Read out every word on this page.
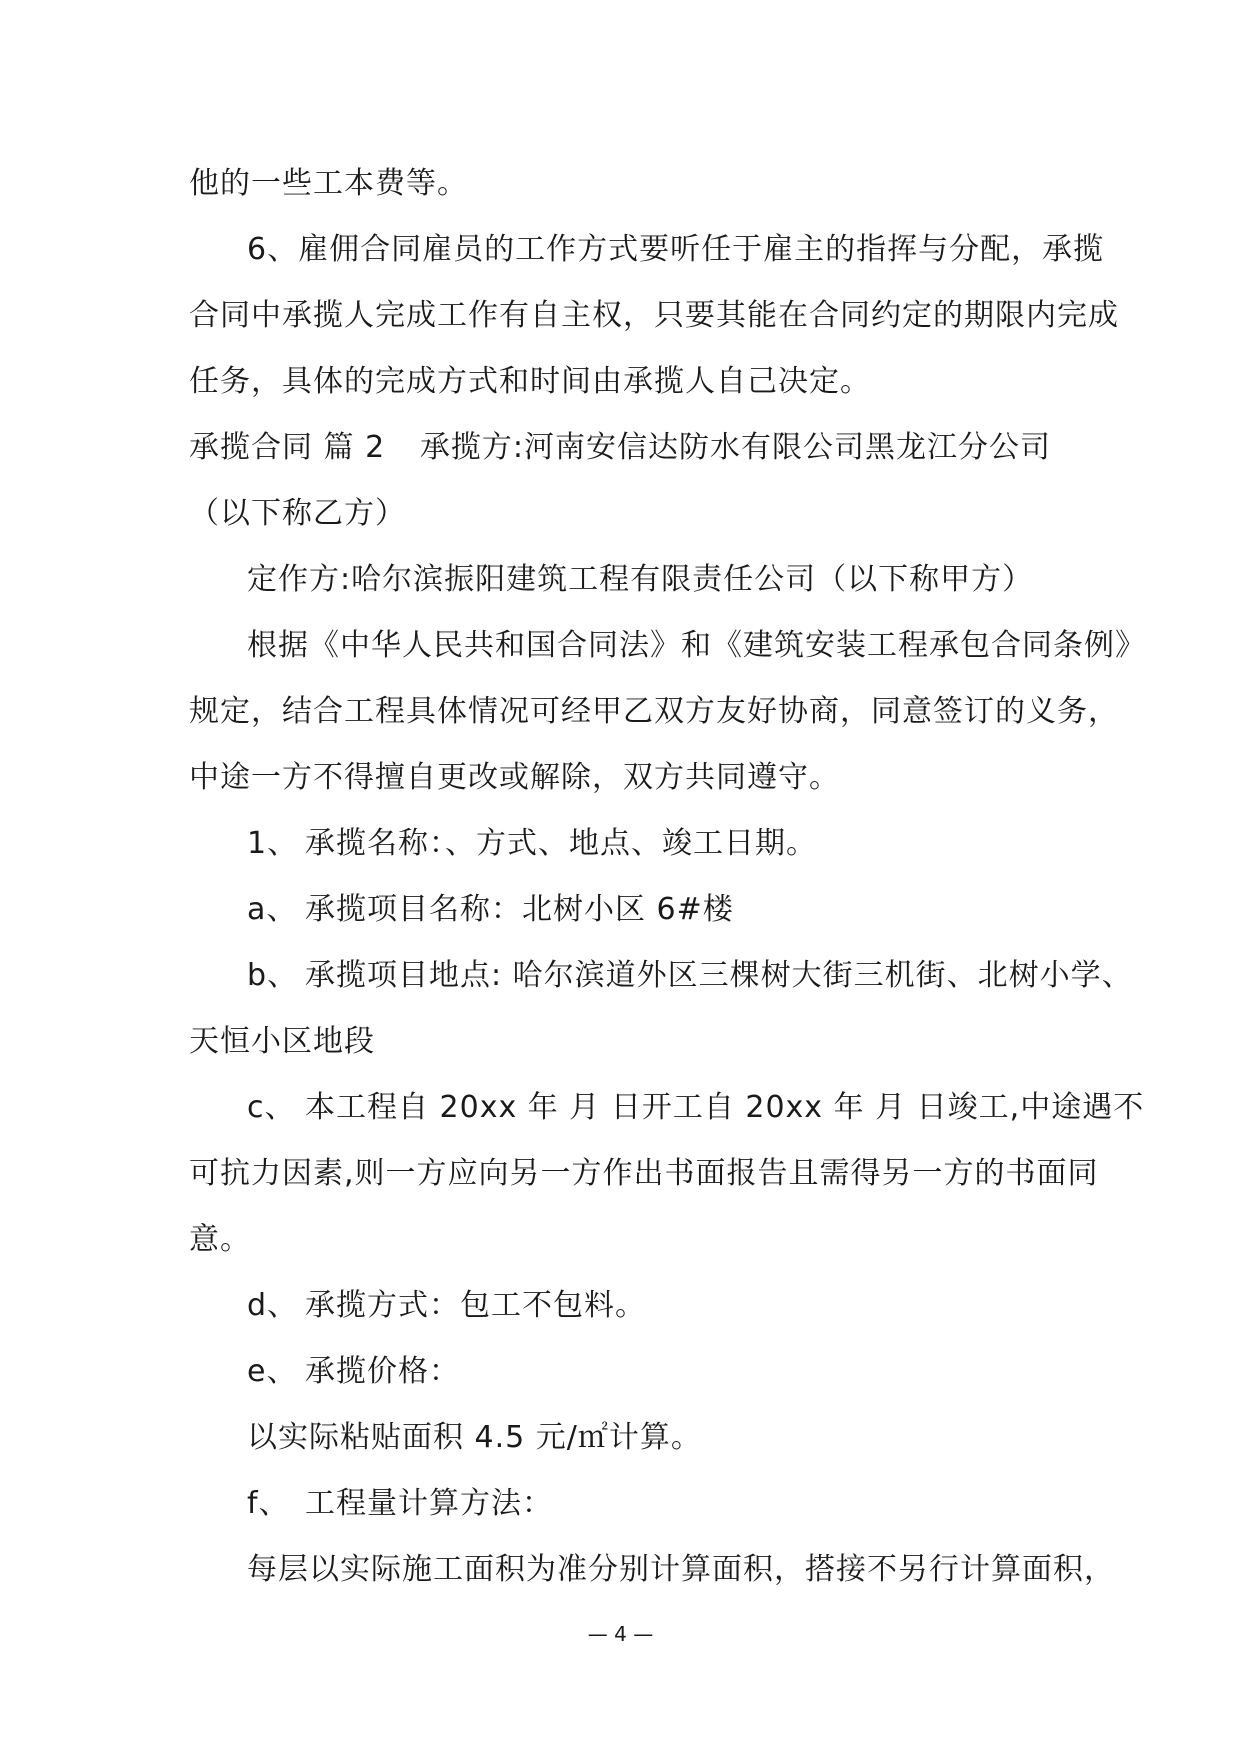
他的一些工本费等。
6、雇佣合同雇员的工作方式要听任于雇主的指挥与分配，承揽
合同中承揽人完成工作有自主权，只要其能在合同约定的期限内完成
任务，具体的完成方式和时间由承揽人自己决定。
承揽合同 篇 2 承揽方:河南安信达防水有限公司黑龙江分公司
（以下称乙方）
定作方:哈尔滨振阳建筑工程有限责任公司（以下称甲方）
根据《中华人民共和国合同法》和《建筑安装工程承包合同条例》
规定，结合工程具体情况可经甲乙双方友好协商，同意签订的义务，
中途一方不得擅自更改或解除，双方共同遵守。
1、 承揽名称：、方式、地点、竣工日期。
a、 承揽项目名称：北树小区 6#楼
b、 承揽项目地点: 哈尔滨道外区三棵树大街三机街、北树小学、
天恒小区地段
c、 本工程自 20xx 年 月 日开工自 20xx 年 月 日竣工,中途遇不
可抗力因素,则一方应向另一方作出书面报告且需得另一方的书面同
意。
d、 承揽方式：包工不包料。
e、 承揽价格：
以实际粘贴面积 4.5 元/㎡计算。
f、 工程量计算方法：
每层以实际施工面积为准分别计算面积，搭接不另行计算面积，
— 4 —
